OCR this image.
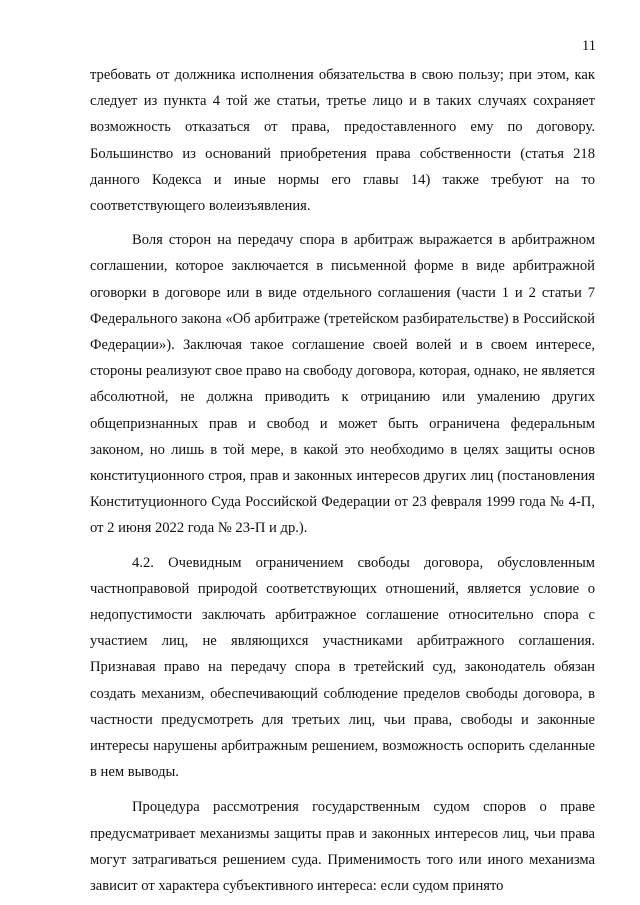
11

требовать от должника исполнения обязательства в свою пользу; при этом, как следует из пункта 4 той же статьи, третье лицо и в таких случаях сохраняет возможность отказаться от права, предоставленного ему по договору. Большинство из оснований приобретения права собственности (статья 218 данного Кодекса и иные нормы его главы 14) также требуют на то соответствующего волеизъявления.

Воля сторон на передачу спора в арбитраж выражается в арбитражном соглашении, которое заключается в письменной форме в виде арбитражной оговорки в договоре или в виде отдельного соглашения (части 1 и 2 статьи 7 Федерального закона «Об арбитраже (третейском разбирательстве) в Российской Федерации»). Заключая такое соглашение своей волей и в своем интересе, стороны реализуют свое право на свободу договора, которая, однако, не является абсолютной, не должна приводить к отрицанию или умалению других общепризнанных прав и свобод и может быть ограничена федеральным законом, но лишь в той мере, в какой это необходимо в целях защиты основ конституционного строя, прав и законных интересов других лиц (постановления Конституционного Суда Российской Федерации от 23 февраля 1999 года № 4-П, от 2 июня 2022 года № 23-П и др.).

4.2. Очевидным ограничением свободы договора, обусловленным частноправовой природой соответствующих отношений, является условие о недопустимости заключать арбитражное соглашение относительно спора с участием лиц, не являющихся участниками арбитражного соглашения. Признавая право на передачу спора в третейский суд, законодатель обязан создать механизм, обеспечивающий соблюдение пределов свободы договора, в частности предусмотреть для третьих лиц, чьи права, свободы и законные интересы нарушены арбитражным решением, возможность оспорить сделанные в нем выводы.

Процедура рассмотрения государственным судом споров о праве предусматривает механизмы защиты прав и законных интересов лиц, чьи права могут затрагиваться решением суда. Применимость того или иного механизма зависит от характера субъективного интереса: если судом принято
